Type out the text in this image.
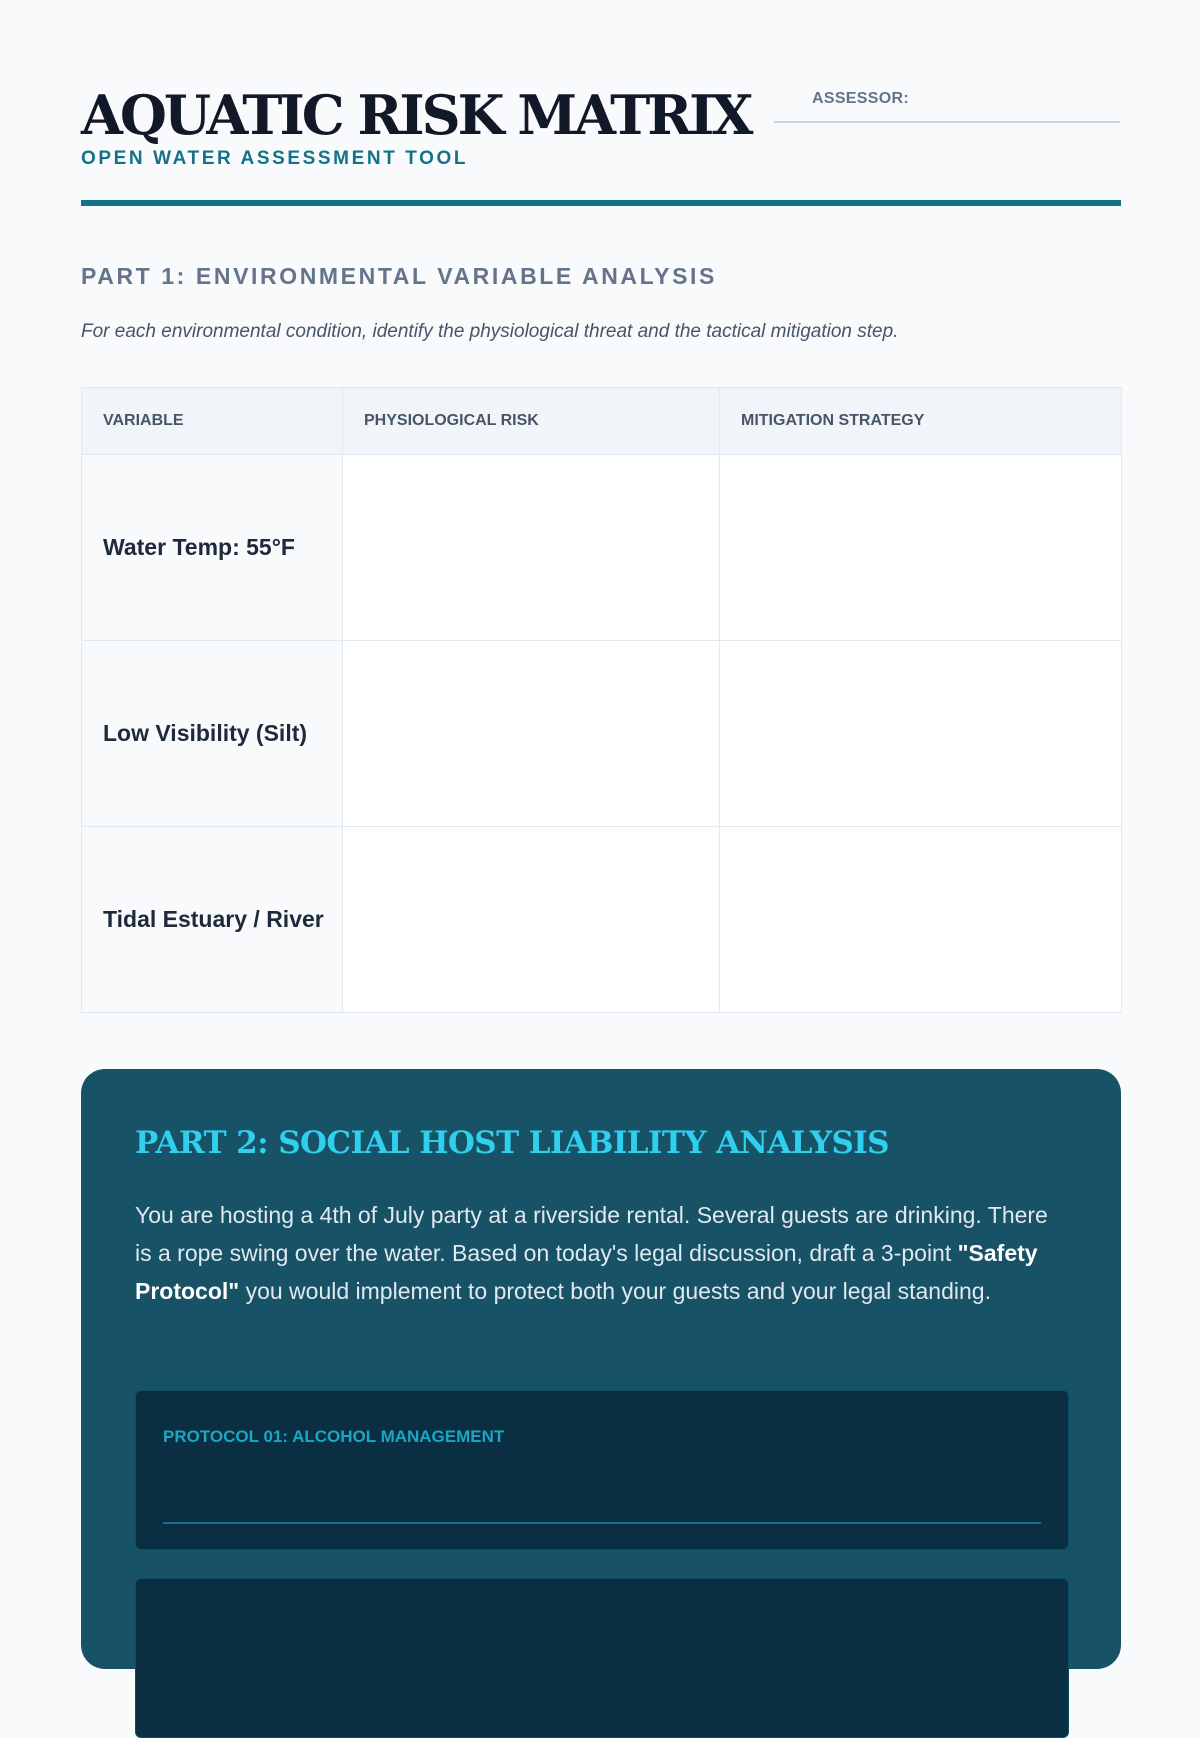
AQUATIC RISK MATRIX
OPEN WATER ASSESSMENT TOOL
ASSESSOR:
PART 1: ENVIRONMENTAL VARIABLE ANALYSIS

For each environmental condition, identify the physiological threat and the tactical mitigation step.

VARIABLE	PHYSIOLOGICAL RISK	MITIGATION STRATEGY
Water Temp: 55°F		
Low Visibility (Silt)		
Tidal Estuary / River		
PART 2: SOCIAL HOST LIABILITY ANALYSIS

You are hosting a 4th of July party at a riverside rental. Several guests are drinking. There is a rope swing over the water. Based on today's legal discussion, draft a 3-point "Safety Protocol" you would implement to protect both your guests and your legal standing.

PROTOCOL 01: ALCOHOL MANAGEMENT
